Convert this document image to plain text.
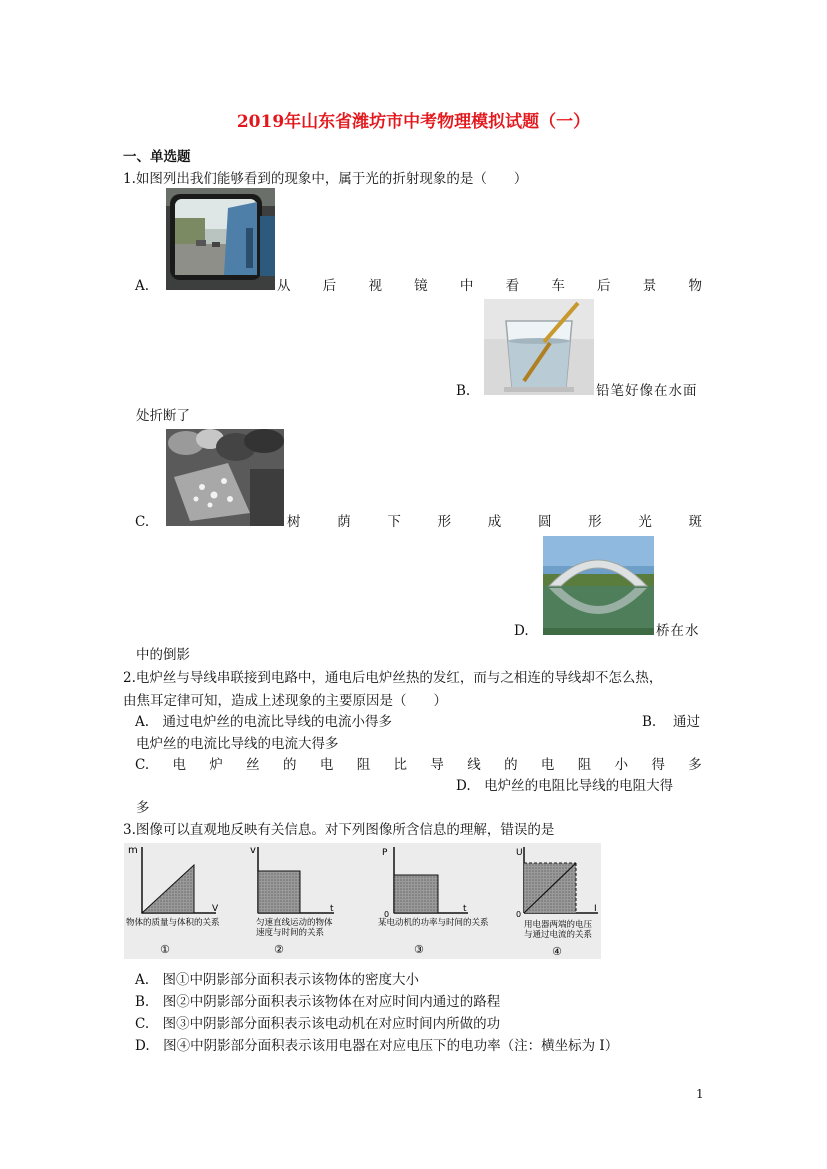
2019年山东省潍坊市中考物理模拟试题（一）
一、单选题
1.如图列出我们能够看到的现象中，属于光的折射现象的是（　　）
A.	从 后 视 镜 中 看 车 后 景 物
B.	铅笔好像在水面
处折断了
C.	树	荫	下	形	成	圆	形	光	斑
D.	桥在水
中的倒影
2.电炉丝与导线串联接到电路中，通电后电炉丝热的发红，而与之相连的导线却不怎么热，
由焦耳定律可知，造成上述现象的主要原因是（　　）
A.　通过电炉丝的电流比导线的电流小得多	B. 通过
电炉丝的电流比导线的电流大得多
C. 电 炉 丝 的 电 阻 比 导 线 的 电 阻 小 得 多
D.　电炉丝的电阻比导线的电阻大得
多
3.图像可以直观地反映有关信息。对下列图像所含信息的理解，错误的是
m
V
物体的质量与体积的关系
①
v
t
匀速直线运动的物体
速度与时间的关系
②
P
t
0
某电动机的功率与时间的关系
③
U
I
0
用电器两端的电压
与通过电流的关系
④
A.　图①中阴影部分面积表示该物体的密度大小
B.　图②中阴影部分面积表示该物体在对应时间内通过的路程
C.　图③中阴影部分面积表示该电动机在对应时间内所做的功
D.　图④中阴影部分面积表示该用电器在对应电压下的电功率（注：横坐标为 I）
1
